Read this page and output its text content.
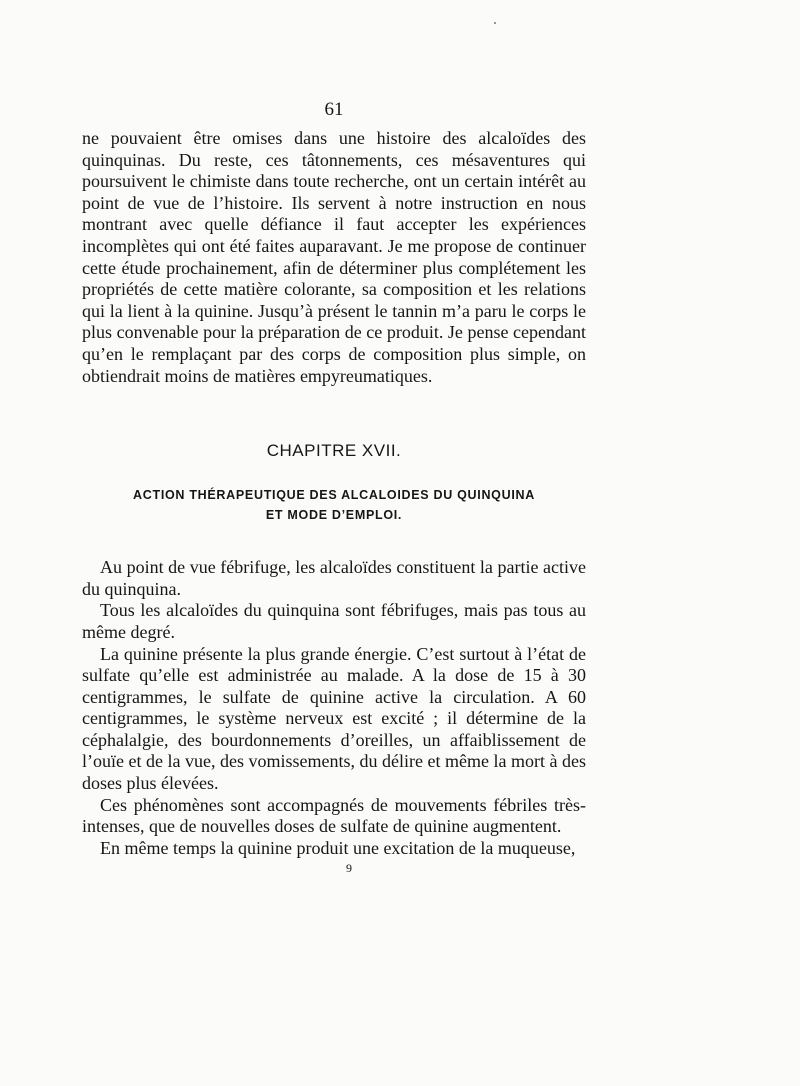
61

ne pouvaient être omises dans une histoire des alcaloïdes des quinquinas. Du reste, ces tâtonnements, ces mésaventures qui poursuivent le chimiste dans toute recherche, ont un certain intérêt au point de vue de l’histoire. Ils servent à notre instruction en nous montrant avec quelle défiance il faut accepter les expériences incomplètes qui ont été faites auparavant. Je me propose de continuer cette étude prochainement, afin de déterminer plus complétement les propriétés de cette matière colorante, sa composition et les relations qui la lient à la quinine. Jusqu’à présent le tannin m’a paru le corps le plus convenable pour la préparation de ce produit. Je pense cependant qu’en le remplaçant par des corps de composition plus simple, on obtiendrait moins de matières empyreumatiques.

CHAPITRE XVII.
ACTION THÉRAPEUTIQUE DES ALCALOIDES DU QUINQUINA
ET MODE D’EMPLOI.

Au point de vue fébrifuge, les alcaloïdes constituent la partie active du quinquina.

Tous les alcaloïdes du quinquina sont fébrifuges, mais pas tous au même degré.

La quinine présente la plus grande énergie. C’est surtout à l’état de sulfate qu’elle est administrée au malade. A la dose de 15 à 30 centigrammes, le sulfate de quinine active la circulation. A 60 centigrammes, le système nerveux est excité ; il détermine de la céphalalgie, des bourdonnements d’oreilles, un affaiblissement de l’ouïe et de la vue, des vomissements, du délire et même la mort à des doses plus élevées.

Ces phénomènes sont accompagnés de mouvements fébriles très-intenses, que de nouvelles doses de sulfate de quinine augmentent.

En même temps la quinine produit une excitation de la muqueuse,

9
